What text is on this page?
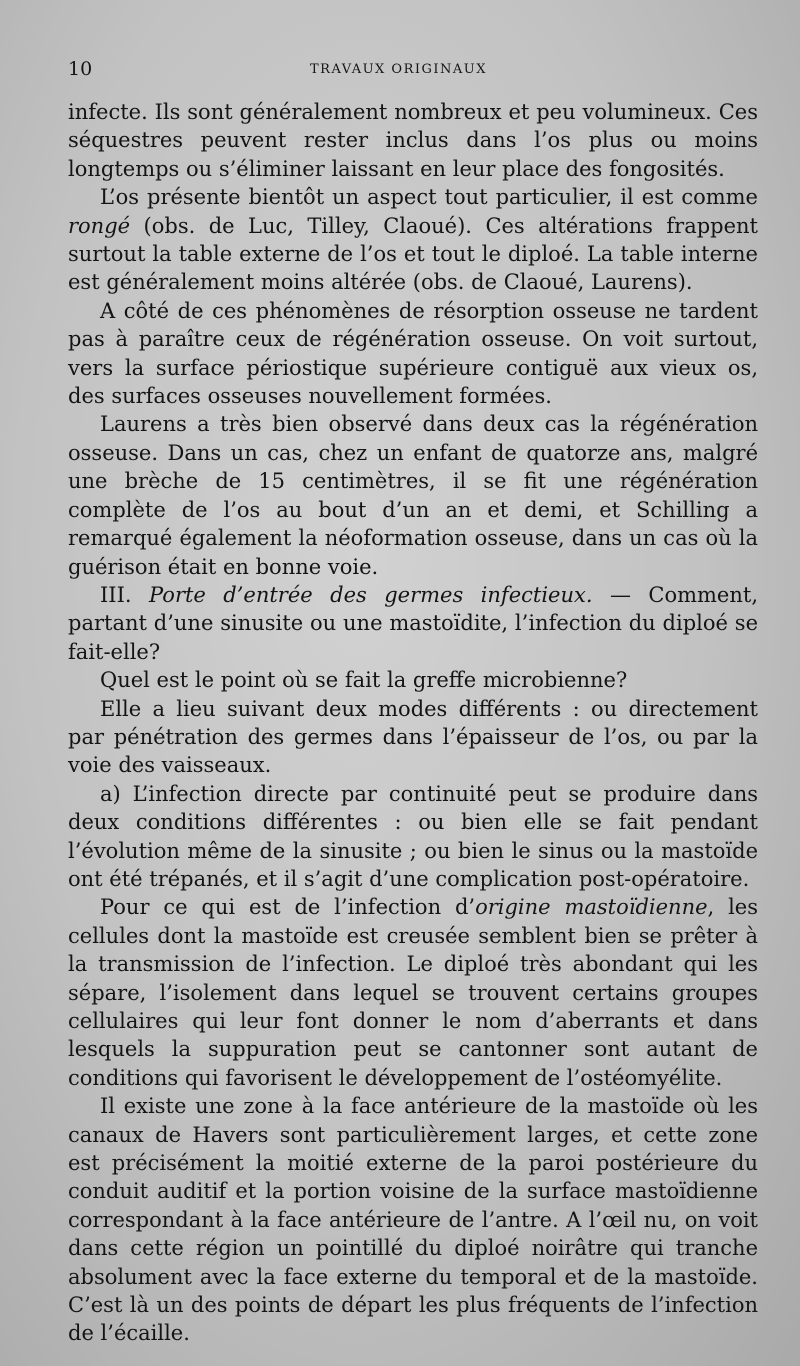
10	TRAVAUX ORIGINAUX

infecte. Ils sont généralement nombreux et peu volumineux. Ces séquestres peuvent rester inclus dans l’os plus ou moins longtemps ou s’éliminer laissant en leur place des fongosités.

L’os présente bientôt un aspect tout particulier, il est comme rongé (obs. de Luc, Tilley, Claoué). Ces altérations frappent surtout la table externe de l’os et tout le diploé. La table interne est généralement moins altérée (obs. de Claoué, Laurens).

A côté de ces phénomènes de résorption osseuse ne tardent pas à paraître ceux de régénération osseuse. On voit surtout, vers la surface périostique supérieure contiguë aux vieux os, des surfaces osseuses nouvellement formées.

Laurens a très bien observé dans deux cas la régénération osseuse. Dans un cas, chez un enfant de quatorze ans, malgré une brèche de 15 centimètres, il se fit une régénération complète de l’os au bout d’un an et demi, et Schilling a remarqué également la néoformation osseuse, dans un cas où la guérison était en bonne voie.

III. Porte d’entrée des germes infectieux. — Comment, partant d’une sinusite ou une mastoïdite, l’infection du diploé se fait-elle?

Quel est le point où se fait la greffe microbienne?

Elle a lieu suivant deux modes différents : ou directement par pénétration des germes dans l’épaisseur de l’os, ou par la voie des vaisseaux.

a) L’infection directe par continuité peut se produire dans deux conditions différentes : ou bien elle se fait pendant l’évolution même de la sinusite ; ou bien le sinus ou la mastoïde ont été trépanés, et il s’agit d’une complication post-opératoire.

Pour ce qui est de l’infection d’origine mastoïdienne, les cellules dont la mastoïde est creusée semblent bien se prêter à la transmission de l’infection. Le diploé très abondant qui les sépare, l’isolement dans lequel se trouvent certains groupes cellulaires qui leur font donner le nom d’aberrants et dans lesquels la suppuration peut se cantonner sont autant de conditions qui favorisent le développement de l’ostéomyélite.

Il existe une zone à la face antérieure de la mastoïde où les canaux de Havers sont particulièrement larges, et cette zone est précisément la moitié externe de la paroi postérieure du conduit auditif et la portion voisine de la surface mastoïdienne correspondant à la face antérieure de l’antre. A l’œil nu, on voit dans cette région un pointillé du diploé noirâtre qui tranche absolument avec la face externe du temporal et de la mastoïde. C’est là un des points de départ les plus fréquents de l’infection de l’écaille.
